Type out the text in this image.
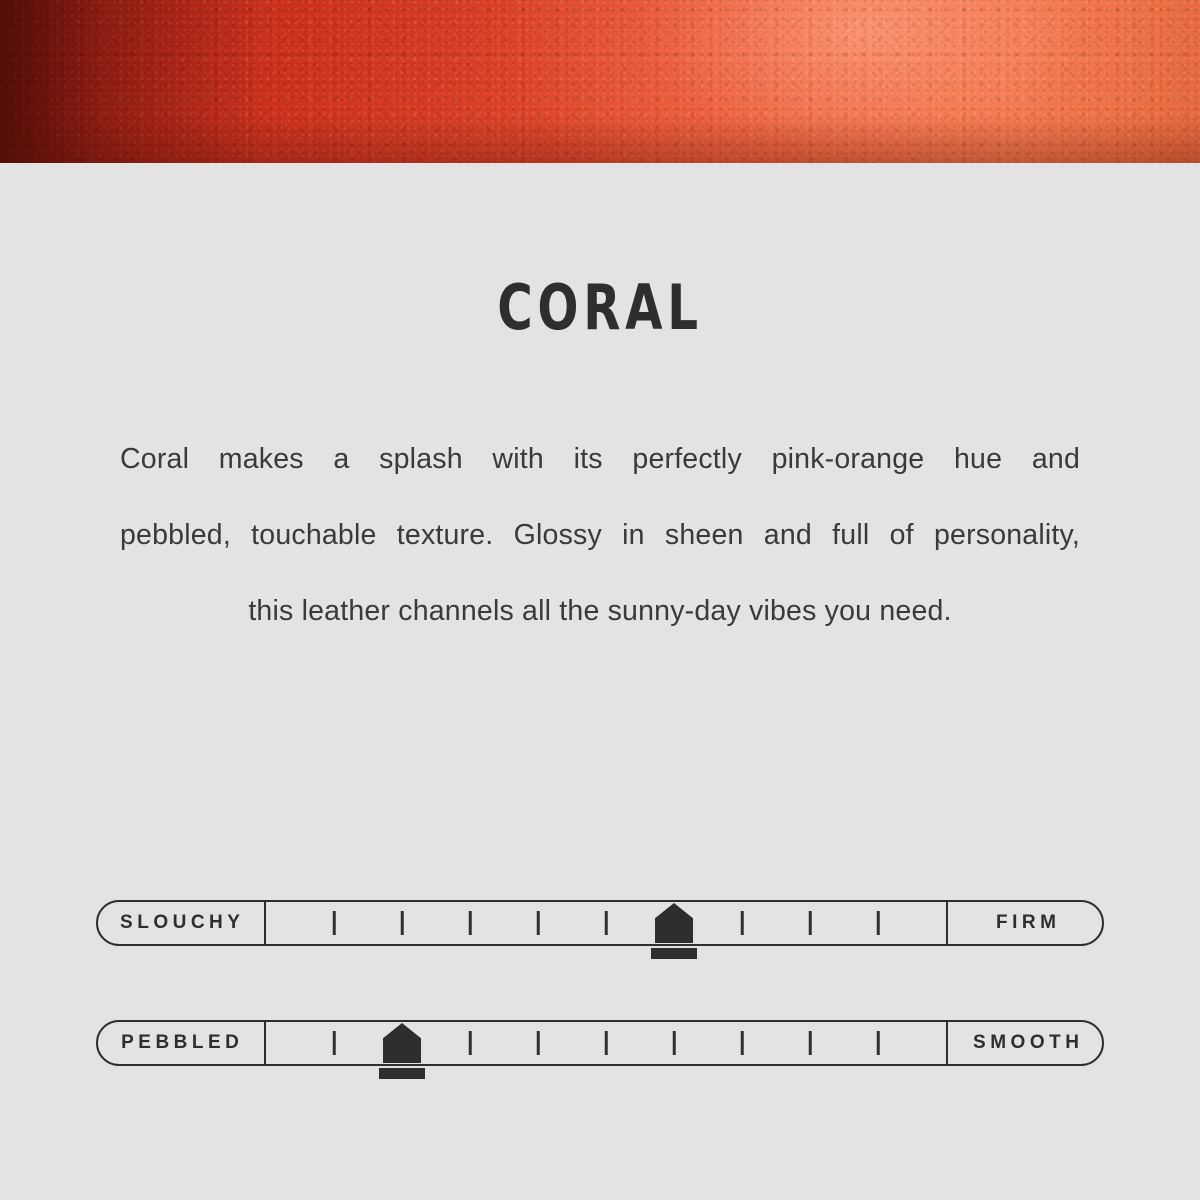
CORAL
Coral makes a splash with its perfectly pink-orange hue and
pebbled, touchable texture. Glossy in sheen and full of personality,
this leather channels all the sunny-day vibes you need.
SLOUCHY	FIRM
PEBBLED	SMOOTH
